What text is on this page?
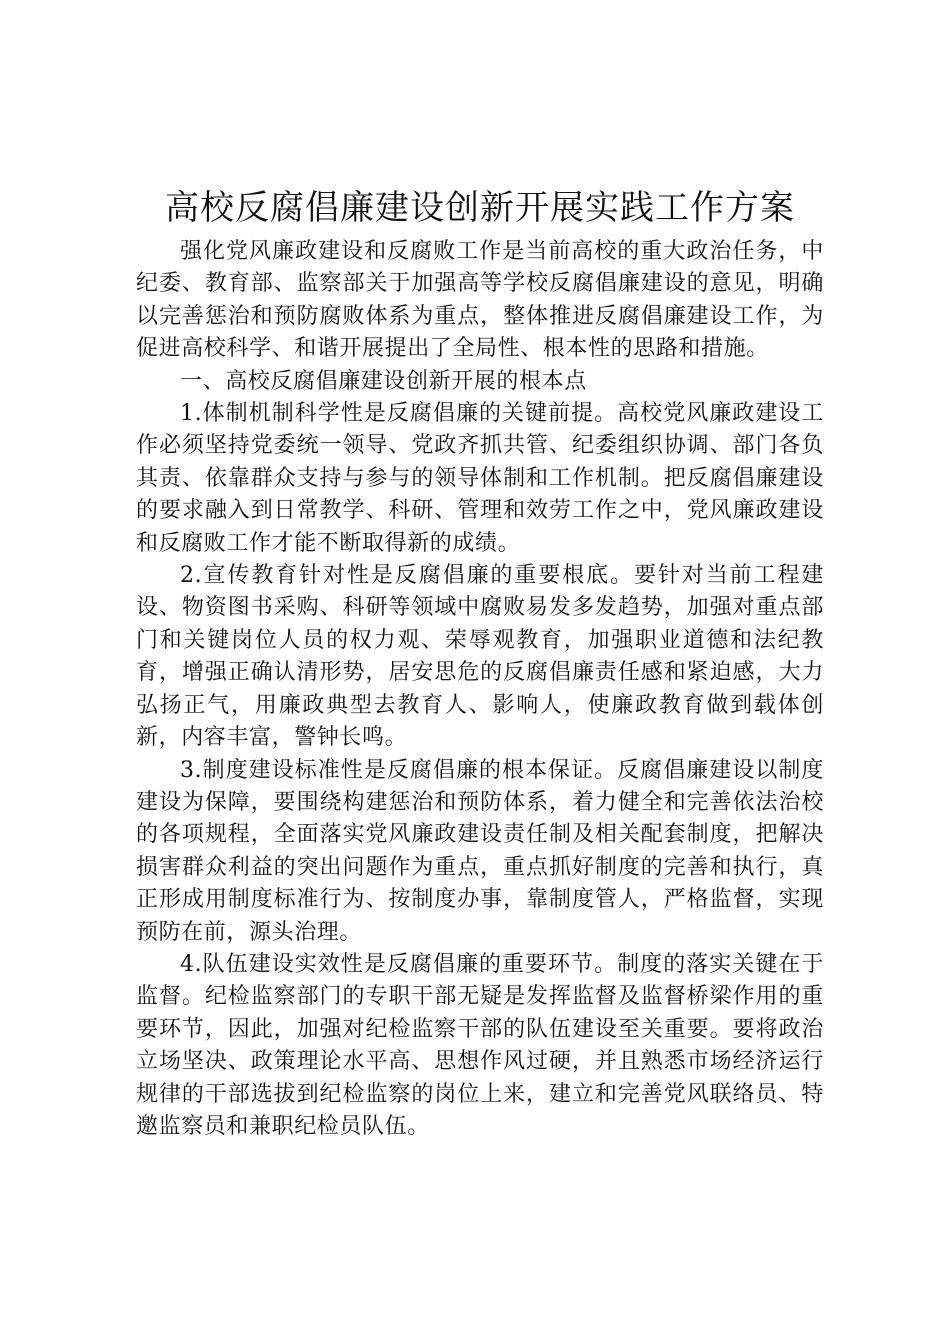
高校反腐倡廉建设创新开展实践工作方案

强化党风廉政建设和反腐败工作是当前高校的重大政治任务，中纪委、教育部、监察部关于加强高等学校反腐倡廉建设的意见，明确以完善惩治和预防腐败体系为重点，整体推进反腐倡廉建设工作，为促进高校科学、和谐开展提出了全局性、根本性的思路和措施。

一、高校反腐倡廉建设创新开展的根本点

1.体制机制科学性是反腐倡廉的关键前提。高校党风廉政建设工作必须坚持党委统一领导、党政齐抓共管、纪委组织协调、部门各负其责、依靠群众支持与参与的领导体制和工作机制。把反腐倡廉建设的要求融入到日常教学、科研、管理和效劳工作之中，党风廉政建设和反腐败工作才能不断取得新的成绩。

2.宣传教育针对性是反腐倡廉的重要根底。要针对当前工程建设、物资图书采购、科研等领域中腐败易发多发趋势，加强对重点部门和关键岗位人员的权力观、荣辱观教育，加强职业道德和法纪教育，增强正确认清形势，居安思危的反腐倡廉责任感和紧迫感，大力弘扬正气，用廉政典型去教育人、影响人，使廉政教育做到载体创新，内容丰富，警钟长鸣。

3.制度建设标准性是反腐倡廉的根本保证。反腐倡廉建设以制度建设为保障，要围绕构建惩治和预防体系，着力健全和完善依法治校的各项规程，全面落实党风廉政建设责任制及相关配套制度，把解决损害群众利益的突出问题作为重点，重点抓好制度的完善和执行，真正形成用制度标准行为、按制度办事，靠制度管人，严格监督，实现预防在前，源头治理。

4.队伍建设实效性是反腐倡廉的重要环节。制度的落实关键在于监督。纪检监察部门的专职干部无疑是发挥监督及监督桥梁作用的重要环节，因此，加强对纪检监察干部的队伍建设至关重要。要将政治立场坚决、政策理论水平高、思想作风过硬，并且熟悉市场经济运行规律的干部选拔到纪检监察的岗位上来，建立和完善党风联络员、特邀监察员和兼职纪检员队伍。
